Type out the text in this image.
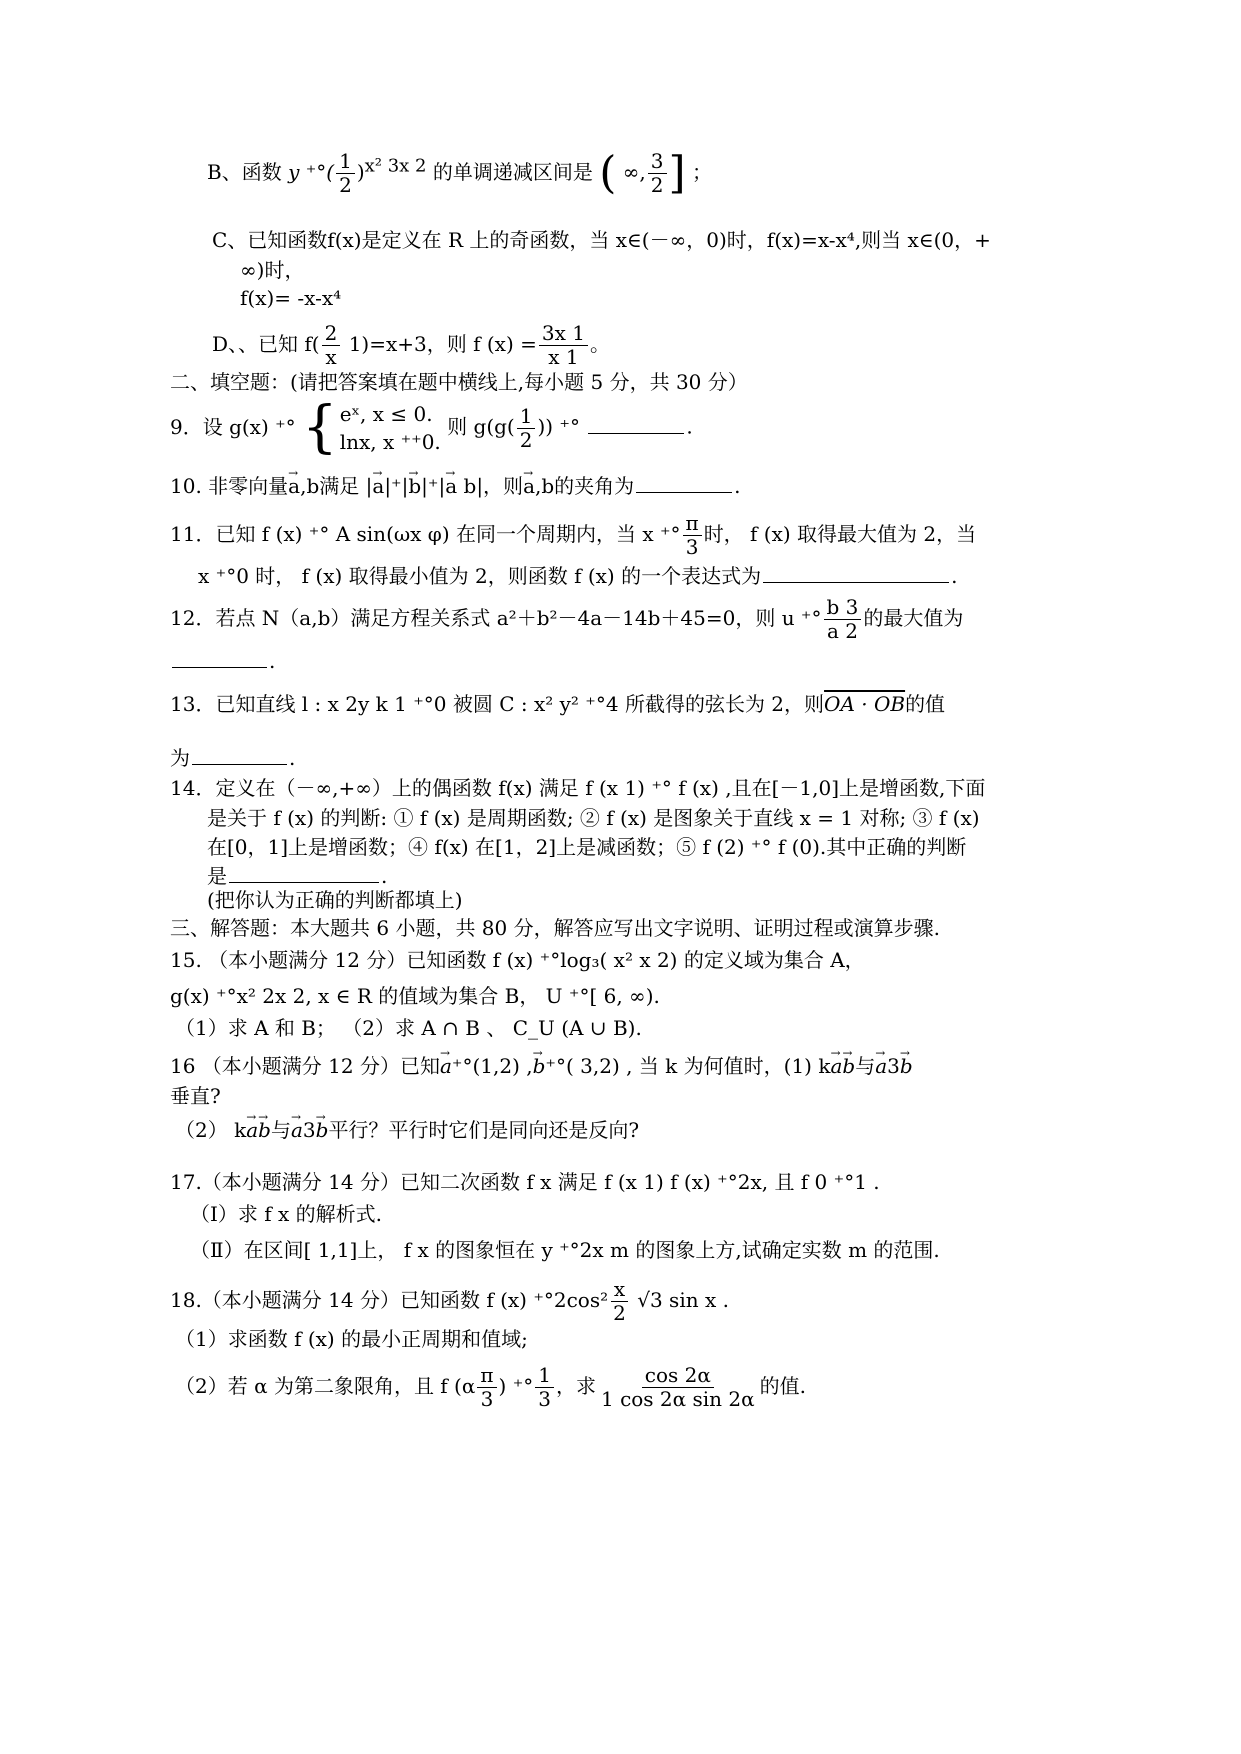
B、函数 y ⁺°( $\frac{1}{2} )^{x^2 3x 2}$ 的单调递减区间是 ( ∞, $\frac{3}{2}$ ] ；
C、已知函数f(x)是定义在 R 上的奇函数，当 x∈(－∞，0)时，f(x)=x-x⁴,则当 x∈(0，+
∞)时，
f(x)= -x-x⁴
D、、已知 $f( \frac{2}{x} 1)=x+3$，则 f $(x) = \frac{3x 1}{x 1}$ 。
二、填空题：(请把答案填在题中横线上,每小题 5 分，共 30 分）
9．设 g(x) ⁺° { eˣ, x ≤ 0.
lnx, x ⁺⁺0.
则 $g(g( \frac{1}{2}$ )) ⁺°	.
10. 非零向量→ a,b满足 |→ a|⁺|→ b|⁺|→ a b|，则→ a,b的夹角为	.
11．已知 f (x) ⁺° A sin(ωx φ) 在同一个周期内，当 x ⁺° $\frac{\pi}{3}$ 时， f (x) 取得最大值为 2，当
x ⁺°0 时， f (x) 取得最小值为 2，则函数 f (x) 的一个表达式为	.
12．若点 N（a,b）满足方程关系式 a²＋b²－4a－14b＋45=0，则 u ⁺° $\frac{b 3}{a 2}$ 的最大值为
.
13．已知直线 l : x 2y k 1 ⁺°0 被圆 C : x² y² ⁺°4 所截得的弦长为 2，则OA · OB的值
为	.
14．定义在（－∞,+∞）上的偶函数 f(x) 满足 f (x 1) ⁺° f (x) ,且在[－1,0]上是增函数,下面
是关于 f (x) 的判断: ① f (x) 是周期函数; ② f (x) 是图象关于直线 x = 1 对称; ③ f (x)
在[0，1]上是增函数；④ f(x) 在[1，2]上是减函数；⑤ f (2) ⁺° f (0).其中正确的判断
是	.
(把你认为正确的判断都填上)
三、解答题：本大题共 6 小题，共 80 分，解答应写出文字说明、证明过程或演算步骤.
15. （本小题满分 12 分）已知函数 f (x) ⁺°log₃( x² x 2) 的定义域为集合 A，
g(x) ⁺°x² 2x 2, x ∈ R 的值域为集合 B， U ⁺°[ 6, ∞).
（1）求 A 和 B； （2）求 A ∩ B 、 C_U (A ∪ B).
16 （本小题满分 12 分）已知→ a⁺°(1,2) ,→ b⁺°( 3,2) , 当 k 为何值时，(1) k→ a→ b与→ a3→ b
垂直?
（2） k→ a→ b与→ a3→ b平行？平行时它们是同向还是反向?
17.（本小题满分 14 分）已知二次函数 f x 满足 f (x 1) f (x) ⁺°2x, 且 f 0 ⁺°1 .
（Ⅰ）求 f x 的解析式.
（Ⅱ）在区间[ 1,1]上， f x 的图象恒在 y ⁺°2x m 的图象上方,试确定实数 m 的范围.
18.（本小题满分 14 分）已知函数 f (x) $^+^\circ 2\cos^2 \frac{x}{2} √3$ sin x .
（1）求函数 f (x) 的最小正周期和值域;
（2）若 α 为第二象限角，且 f ($\alpha \frac{\pi}{3}$ ) ⁺° $\frac{1}{3}$ ，求 $\frac{\cos 2\alpha}{\text{1 cos 2α sin 2α}}$ 的值.
